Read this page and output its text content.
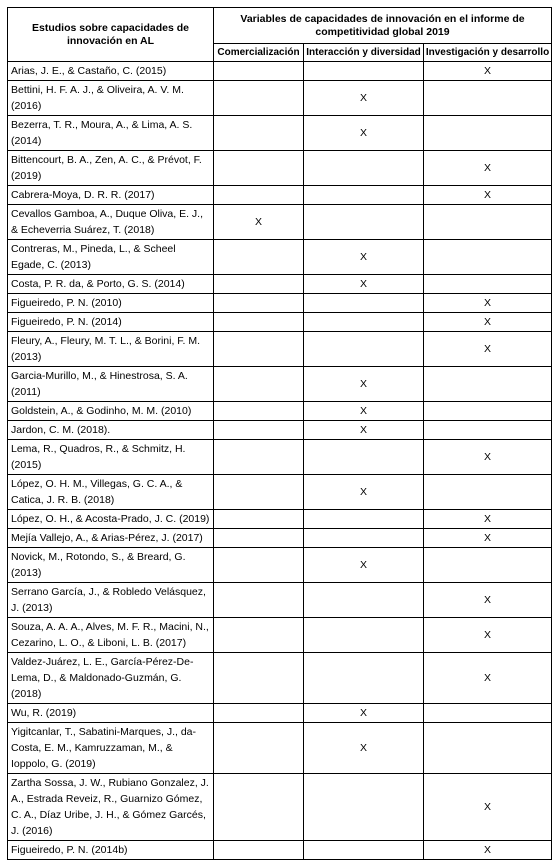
Estudios sobre capacidades de innovación en AL	Variables de capacidades de innovación en el informe de competitividad global 2019		
	Comercialización	Interacción y diversidad	Investigación y desarrollo
Arias, J. E., & Castaño, C. (2015)			X
Bettini, H. F. A. J., & Oliveira, A. V. M. (2016)		X	
Bezerra, T. R., Moura, A., & Lima, A. S. (2014)		X	
Bittencourt, B. A., Zen, A. C., & Prévot, F. (2019)			X
Cabrera-Moya, D. R. R. (2017)			X
Cevallos Gamboa, A., Duque Oliva, E. J., & Echeverria Suárez, T. (2018)	X		
Contreras, M., Pineda, L., & Scheel Egade, C. (2013)		X	
Costa, P. R. da, & Porto, G. S. (2014)		X	
Figueiredo, P. N. (2010)			X
Figueiredo, P. N. (2014)			X
Fleury, A., Fleury, M. T. L., & Borini, F. M. (2013)			X
Garcia-Murillo, M., & Hinestrosa, S. A. (2011)		X	
Goldstein, A., & Godinho, M. M. (2010)		X	
Jardon, C. M. (2018).		X	
Lema, R., Quadros, R., & Schmitz, H. (2015)			X
López, O. H. M., Villegas, G. C. A., & Catica, J. R. B. (2018)		X	
López, O. H., & Acosta-Prado, J. C. (2019)			X
Mejía Vallejo, A., & Arias-Pérez, J. (2017)			X
Novick, M., Rotondo, S., & Breard, G. (2013)		X	
Serrano García, J., & Robledo Velásquez, J. (2013)			X
Souza, A. A. A., Alves, M. F. R., Macini, N., Cezarino, L. O., & Liboni, L. B. (2017)			X
Valdez-Juárez, L. E., García-Pérez-De-Lema, D., & Maldonado-Guzmán, G. (2018)			X
Wu, R. (2019)		X	
Yigitcanlar, T., Sabatini-Marques, J., da-Costa, E. M., Kamruzzaman, M., & Ioppolo, G. (2019)		X	
Zartha Sossa, J. W., Rubiano Gonzalez, J. A., Estrada Reveiz, R., Guarnizo Gómez, C. A., Díaz Uribe, J. H., & Gómez Garcés, J. (2016)			X
Figueiredo, P. N. (2014b)			X
